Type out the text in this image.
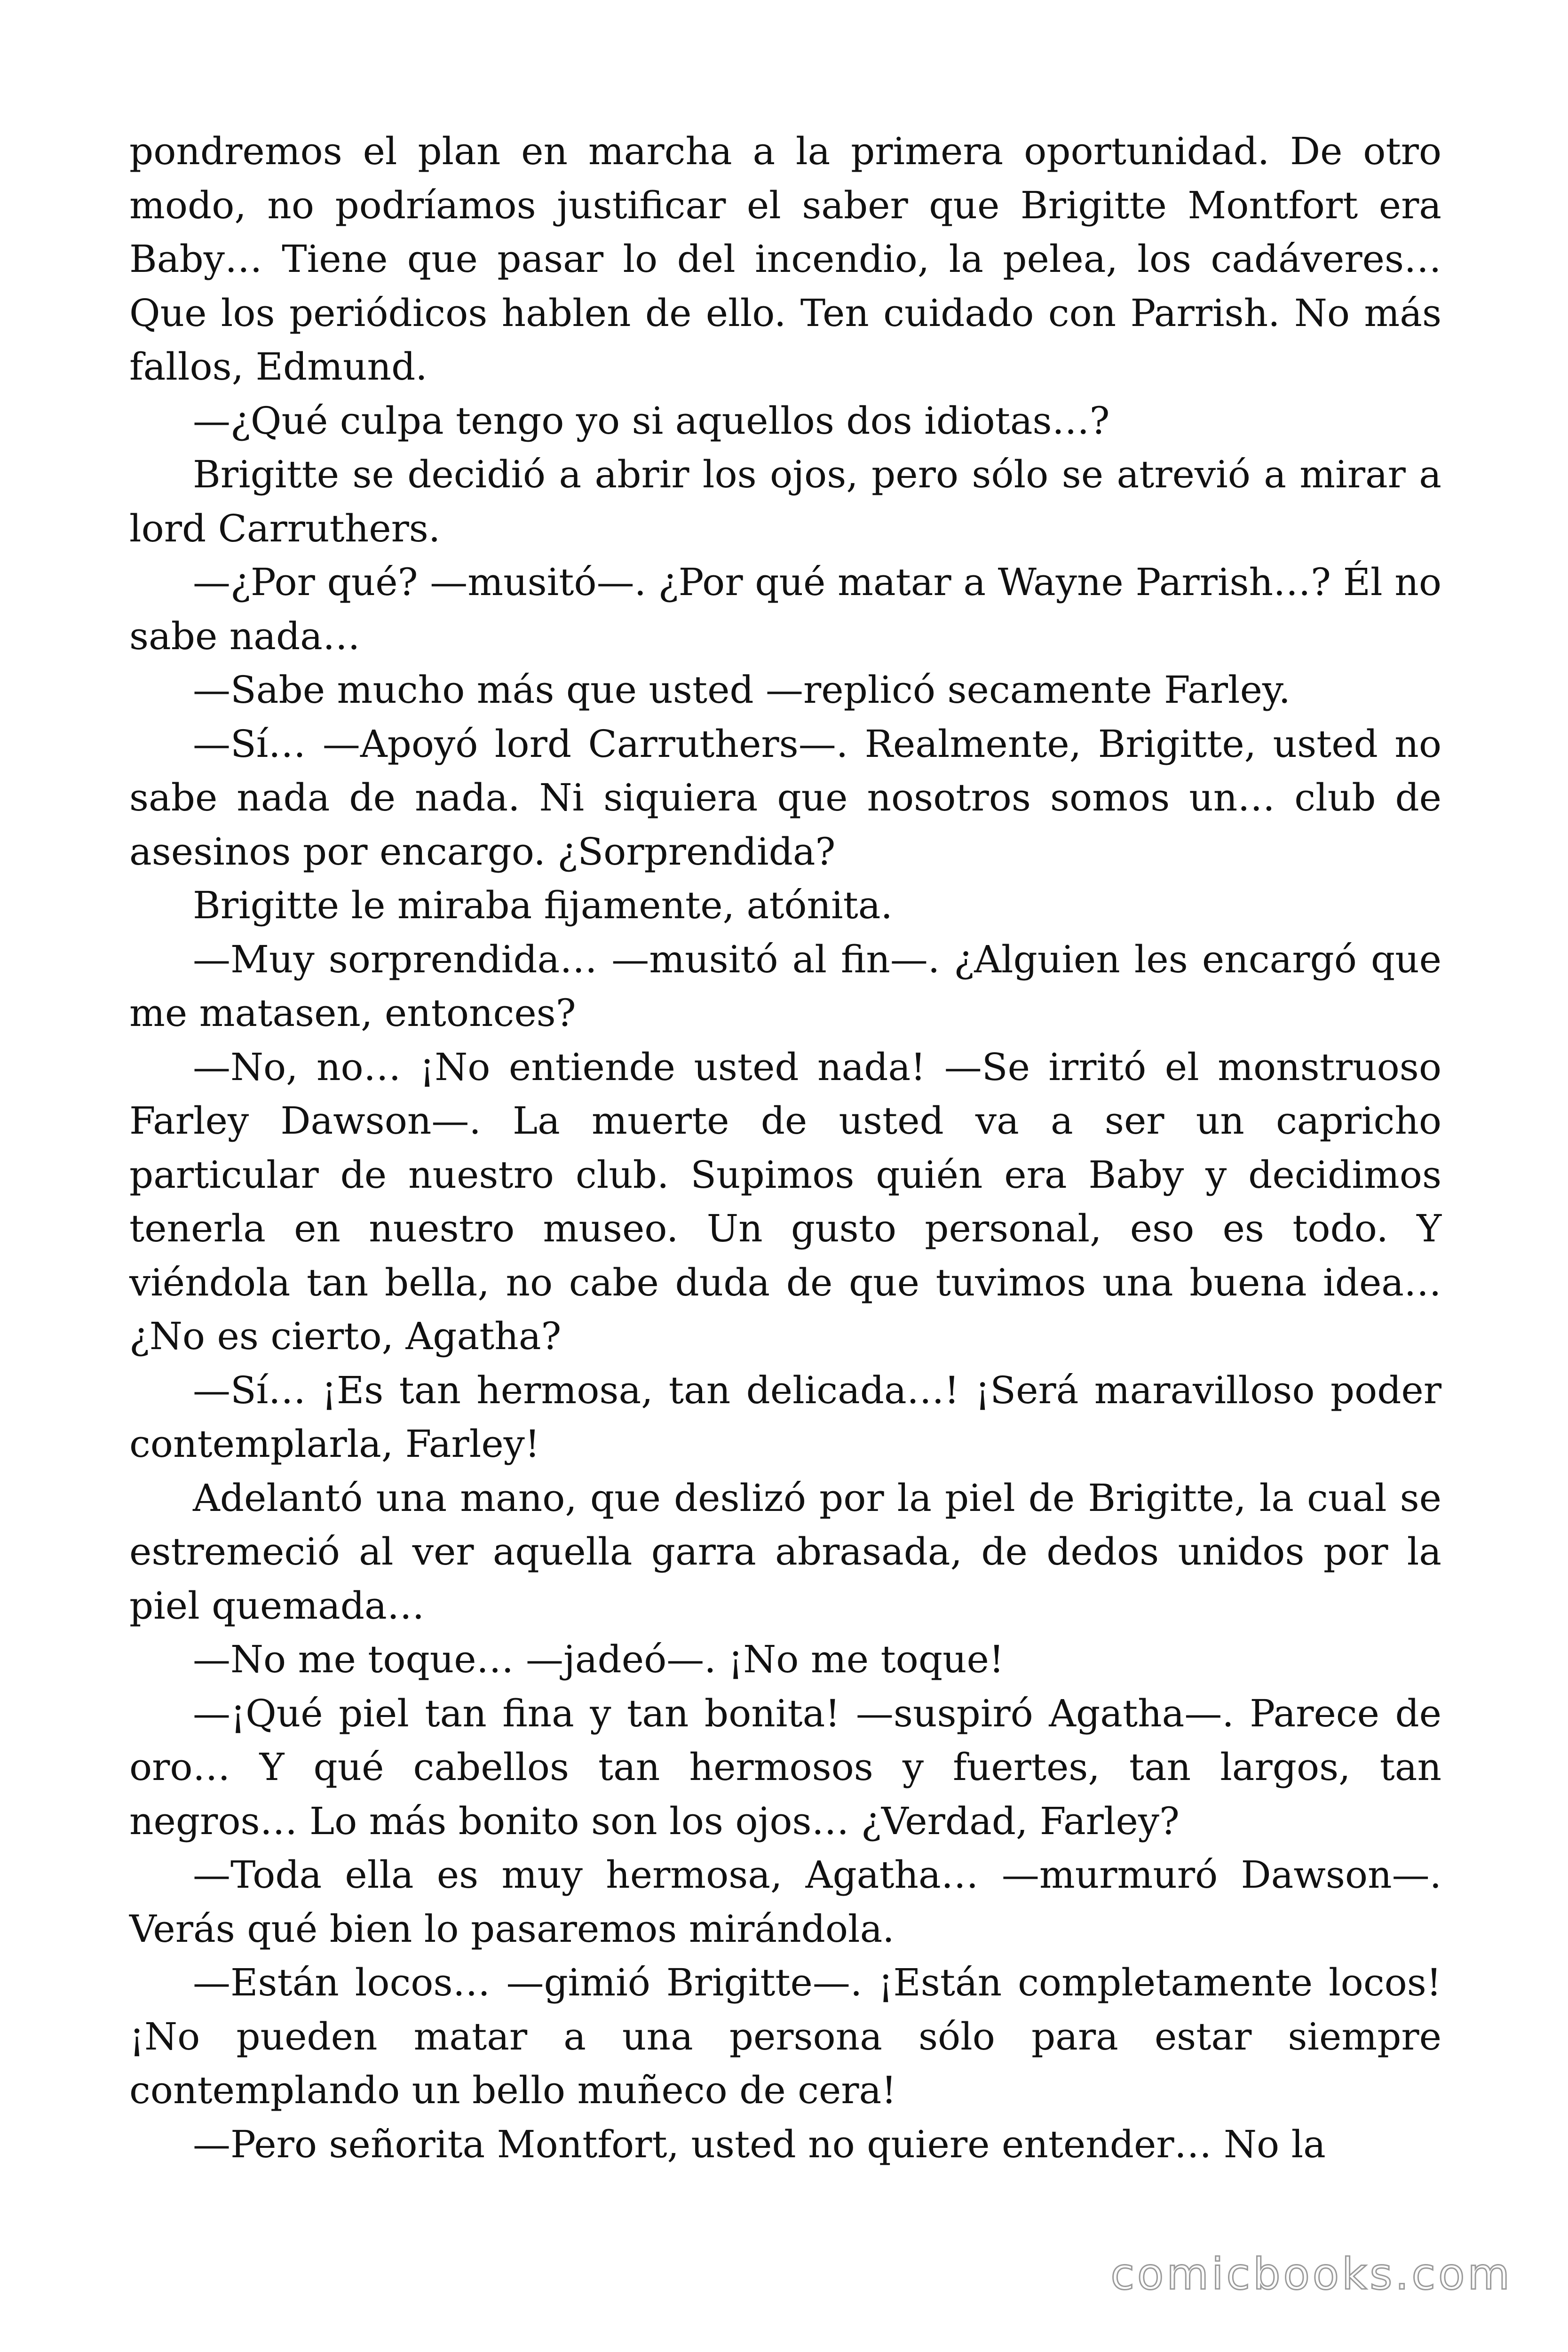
pondremos el plan en marcha a la primera oportunidad. De otro modo, no podríamos justificar el saber que Brigitte Montfort era Baby… Tiene que pasar lo del incendio, la pelea, los cadáveres… Que los periódicos hablen de ello. Ten cuidado con Parrish. No más fallos, Edmund.

—¿Qué culpa tengo yo si aquellos dos idiotas…?

Brigitte se decidió a abrir los ojos, pero sólo se atrevió a mirar a lord Carruthers.

—¿Por qué? —musitó—. ¿Por qué matar a Wayne Parrish…? Él no sabe nada…

—Sabe mucho más que usted —replicó secamente Farley.

—Sí… —Apoyó lord Carruthers—. Realmente, Brigitte, usted no sabe nada de nada. Ni siquiera que nosotros somos un… club de asesinos por encargo. ¿Sorprendida?

Brigitte le miraba fijamente, atónita.

—Muy sorprendida… —musitó al fin—. ¿Alguien les encargó que me matasen, entonces?

—No, no… ¡No entiende usted nada! —Se irritó el monstruoso Farley Dawson—. La muerte de usted va a ser un capricho particular de nuestro club. Supimos quién era Baby y decidimos tenerla en nuestro museo. Un gusto personal, eso es todo. Y viéndola tan bella, no cabe duda de que tuvimos una buena idea… ¿No es cierto, Agatha?

—Sí… ¡Es tan hermosa, tan delicada…! ¡Será maravilloso poder contemplarla, Farley!

Adelantó una mano, que deslizó por la piel de Brigitte, la cual se estremeció al ver aquella garra abrasada, de dedos unidos por la piel quemada…

—No me toque… —jadeó—. ¡No me toque!

—¡Qué piel tan fina y tan bonita! —suspiró Agatha—. Parece de oro… Y qué cabellos tan hermosos y fuertes, tan largos, tan negros… Lo más bonito son los ojos… ¿Verdad, Farley?

—Toda ella es muy hermosa, Agatha… —murmuró Dawson—. Verás qué bien lo pasaremos mirándola.

—Están locos… —gimió Brigitte—. ¡Están completamente locos! ¡No pueden matar a una persona sólo para estar siempre contemplando un bello muñeco de cera!

—Pero señorita Montfort, usted no quiere entender… No la

comicbooks.com
